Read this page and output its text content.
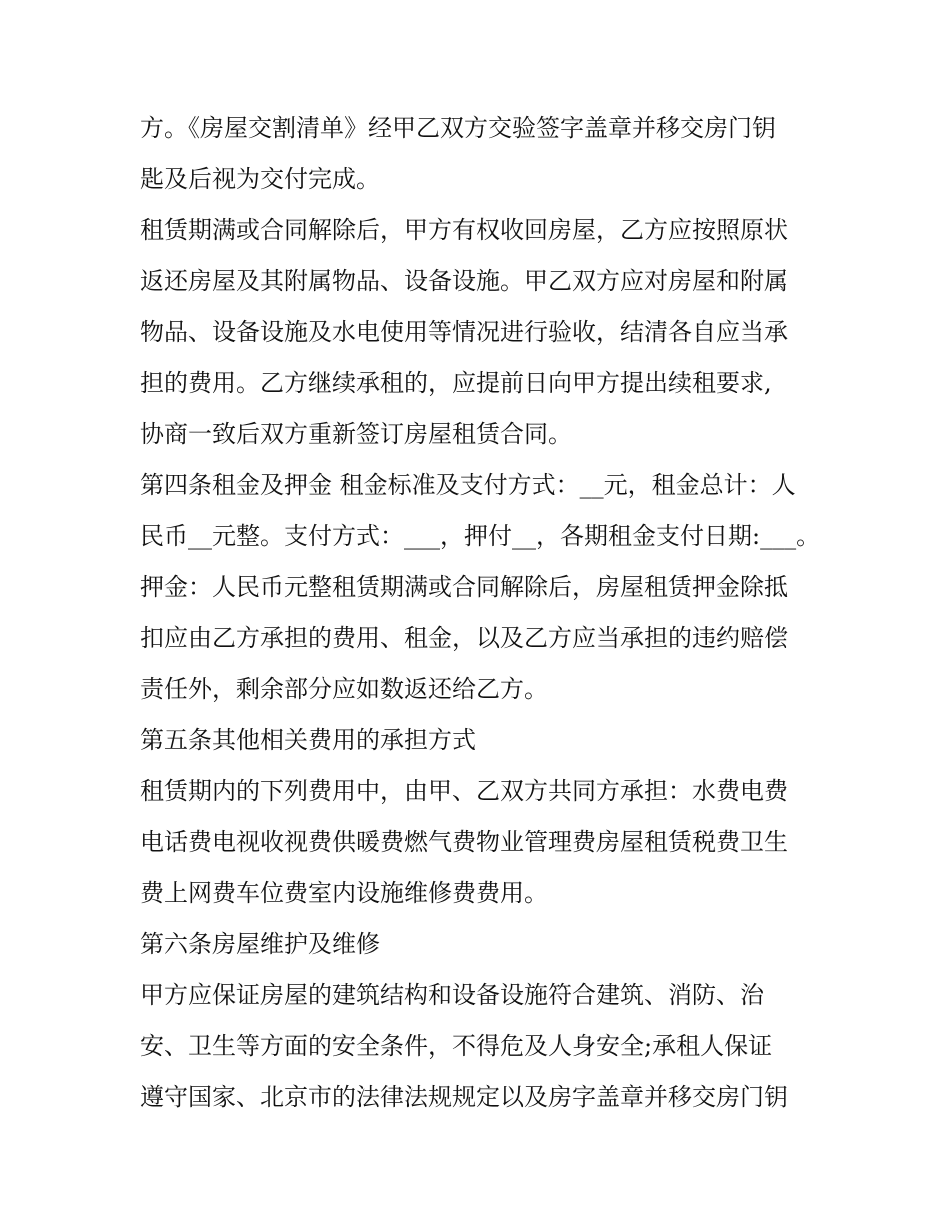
方。《房屋交割清单》经甲乙双方交验签字盖章并移交房门钥
匙及后视为交付完成。
租赁期满或合同解除后，甲方有权收回房屋，乙方应按照原状
返还房屋及其附属物品、设备设施。甲乙双方应对房屋和附属
物品、设备设施及水电使用等情况进行验收，结清各自应当承
担的费用。乙方继续承租的，应提前日向甲方提出续租要求,
协商一致后双方重新签订房屋租赁合同。
第四条租金及押金 租金标准及支付方式：__元，租金总计：人
民币__元整。支付方式：___，押付__，各期租金支付日期:___。
押金：人民币元整租赁期满或合同解除后，房屋租赁押金除抵
扣应由乙方承担的费用、租金，以及乙方应当承担的违约赔偿
责任外，剩余部分应如数返还给乙方。
第五条其他相关费用的承担方式
租赁期内的下列费用中，由甲、乙双方共同方承担：水费电费
电话费电视收视费供暖费燃气费物业管理费房屋租赁税费卫生
费上网费车位费室内设施维修费费用。
第六条房屋维护及维修
甲方应保证房屋的建筑结构和设备设施符合建筑、消防、治
安、卫生等方面的安全条件，不得危及人身安全;承租人保证
遵守国家、北京市的法律法规规定以及房字盖章并移交房门钥
